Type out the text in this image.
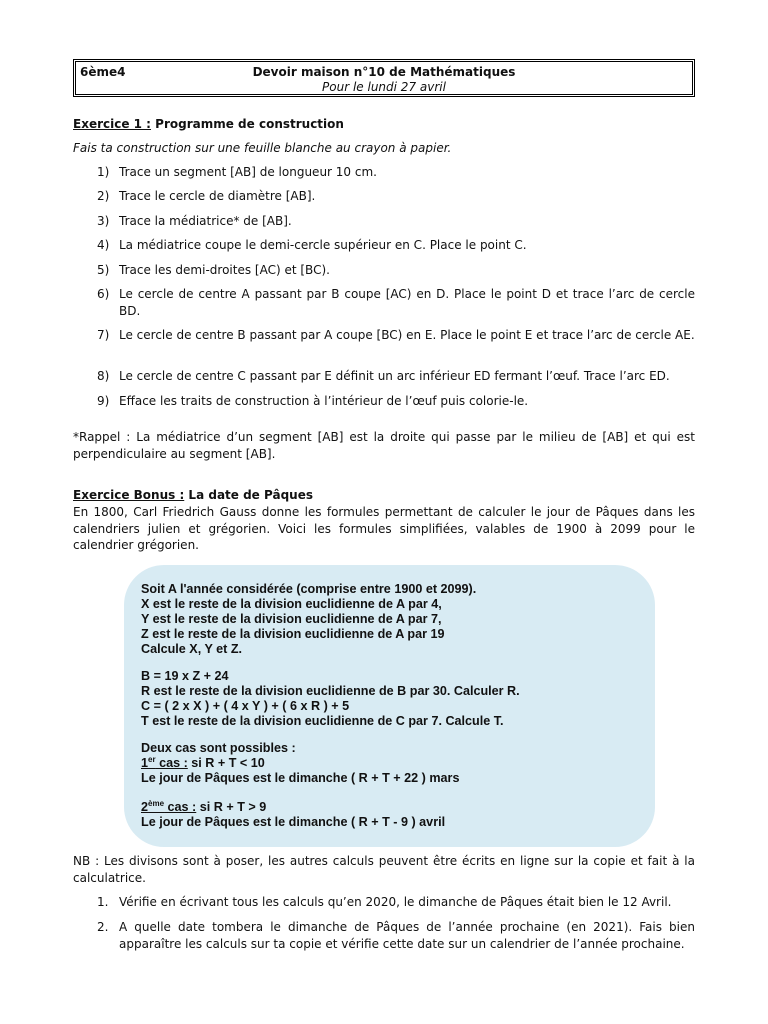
6ème4	Devoir maison n°10 de Mathématiques
Pour le lundi 27 avril
Exercice 1 : Programme de construction
Fais ta construction sur une feuille blanche au crayon à papier.
1) Trace un segment [AB] de longueur 10 cm.
2) Trace le cercle de diamètre [AB].
3) Trace la médiatrice* de [AB].
4) La médiatrice coupe le demi-cercle supérieur en C. Place le point C.
5) Trace les demi-droites [AC) et [BC).
6) Le cercle de centre A passant par B coupe [AC) en D. Place le point D et trace l’arc de cercle BD.
7) Le cercle de centre B passant par A coupe [BC) en E. Place le point E et trace l’arc de cercle AE.
8) Le cercle de centre C passant par E définit un arc inférieur ED fermant l’œuf. Trace l’arc ED.
9) Efface les traits de construction à l’intérieur de l’œuf puis colorie-le.
*Rappel : La médiatrice d’un segment [AB] est la droite qui passe par le milieu de [AB] et qui est perpendiculaire au segment [AB].
Exercice Bonus : La date de Pâques
En 1800, Carl Friedrich Gauss donne les formules permettant de calculer le jour de Pâques dans les calendriers julien et grégorien. Voici les formules simplifiées, valables de 1900 à 2099 pour le calendrier grégorien.
Soit A l'année considérée (comprise entre 1900 et 2099).
X est le reste de la division euclidienne de A par 4,
Y est le reste de la division euclidienne de A par 7,
Z est le reste de la division euclidienne de A par 19
Calcule X, Y et Z.
B = 19 x Z + 24
R est le reste de la division euclidienne de B par 30. Calculer R.
C = ( 2 x X ) + ( 4 x Y ) + ( 6 x R ) + 5
T est le reste de la division euclidienne de C par 7. Calcule T.
Deux cas sont possibles :
1er cas : si R + T < 10
Le jour de Pâques est le dimanche ( R + T + 22 ) mars
2ème cas : si R + T > 9
Le jour de Pâques est le dimanche ( R + T - 9 ) avril
NB : Les divisons sont à poser, les autres calculs peuvent être écrits en ligne sur la copie et fait à la calculatrice.
1. Vérifie en écrivant tous les calculs qu’en 2020, le dimanche de Pâques était bien le 12 Avril.
2. A quelle date tombera le dimanche de Pâques de l’année prochaine (en 2021). Fais bien apparaître les calculs sur ta copie et vérifie cette date sur un calendrier de l’année prochaine.
